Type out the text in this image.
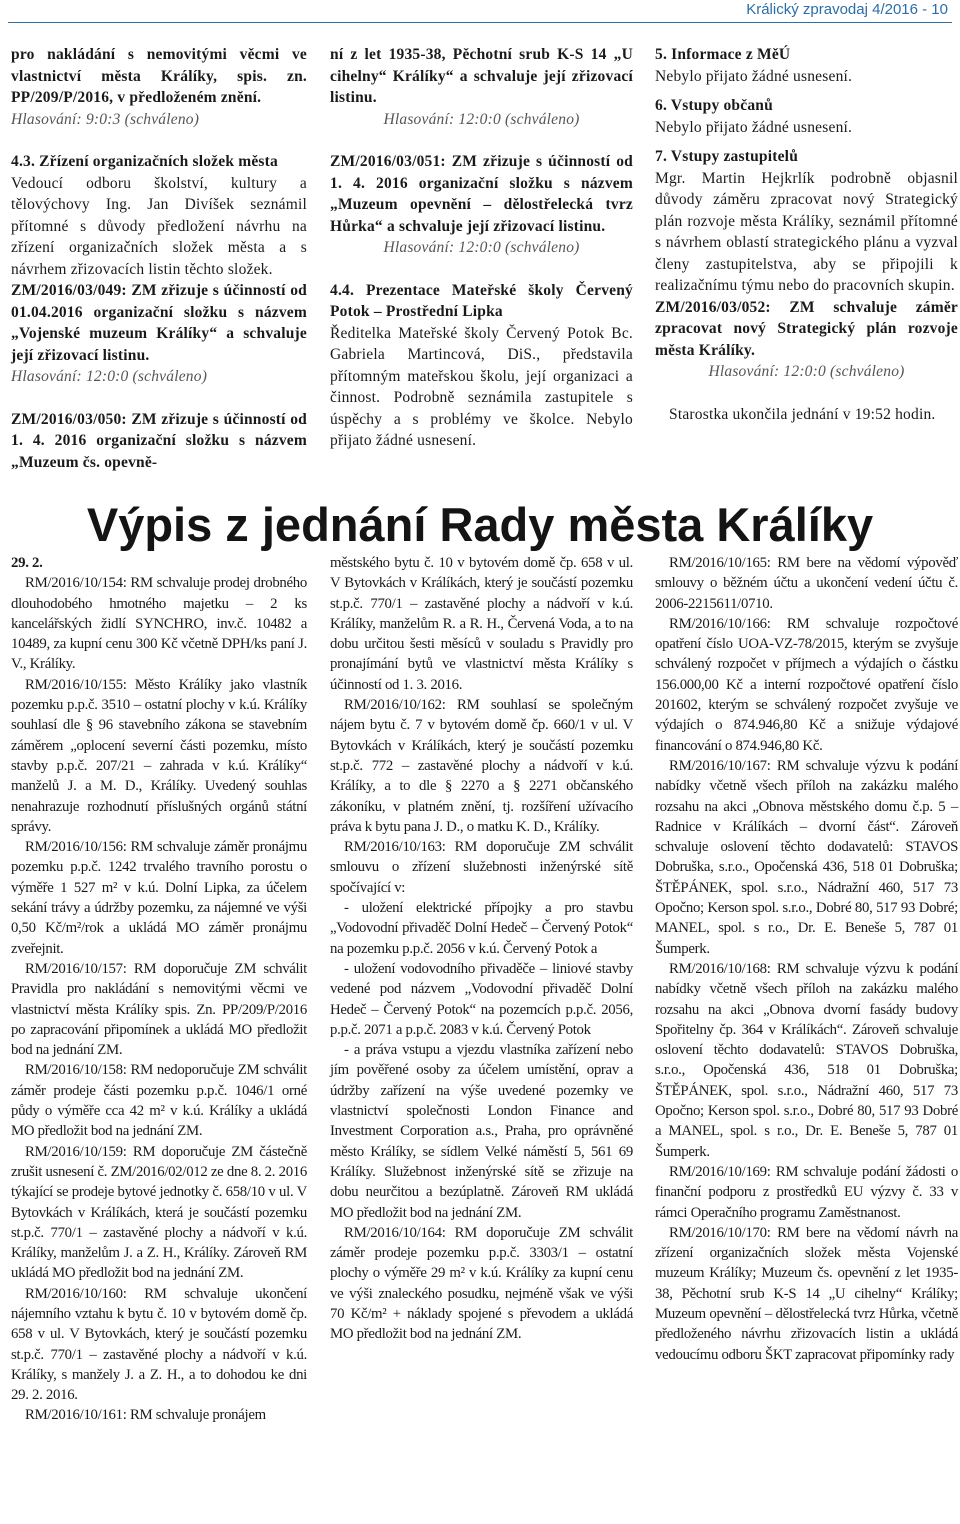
Králický zpravodaj 4/2016 - 10

pro nakládání s nemovitými věcmi ve vlastnictví města Králíky, spis. zn. PP/209/P/2016, v předloženém znění.

Hlasování: 9:0:3 (schváleno)

4.3. Zřízení organizačních složek města

Vedoucí odboru školství, kultury a tělovýchovy Ing. Jan Divíšek seznámil přítomné s důvody předložení návrhu na zřízení organizačních složek města a s návrhem zřizovacích listin těchto složek.

ZM/2016/03/049: ZM zřizuje s účinností od 01.04.2016 organizační složku s názvem „Vojenské muzeum Králíky“ a schvaluje její zřizovací listinu.

Hlasování: 12:0:0 (schváleno)

ZM/2016/03/050: ZM zřizuje s účinností od 1. 4. 2016 organizační složku s názvem „Muzeum čs. opevně-

ní z let 1935-38, Pěchotní srub K-S 14 „U cihelny“ Králíky“ a schvaluje její zřizovací listinu.

Hlasování: 12:0:0 (schváleno)

ZM/2016/03/051: ZM zřizuje s účinností od 1. 4. 2016 organizační složku s názvem „Muzeum opevnění – dělostřelecká tvrz Hůrka“ a schvaluje její zřizovací listinu.

Hlasování: 12:0:0 (schváleno)

4.4. Prezentace Mateřské školy Červený Potok – Prostřední Lipka

Ředitelka Mateřské školy Červený Potok Bc. Gabriela Martincová, DiS., představila přítomným mateřskou školu, její organizaci a činnost. Podrobně seznámila zastupitele s úspěchy a s problémy ve školce. Nebylo přijato žádné usnesení.

5. Informace z MěÚ

Nebylo přijato žádné usnesení.

6. Vstupy občanů

Nebylo přijato žádné usnesení.

7. Vstupy zastupitelů

Mgr. Martin Hejkrlík podrobně objasnil důvody záměru zpracovat nový Strategický plán rozvoje města Králíky, seznámil přítomné s návrhem oblastí strategického plánu a vyzval členy zastupitelstva, aby se připojili k realizačnímu týmu nebo do pracovních skupin.

ZM/2016/03/052: ZM schvaluje záměr zpracovat nový Strategický plán rozvoje města Králíky.

Hlasování: 12:0:0 (schváleno)

Starostka ukončila jednání v 19:52 hodin.

Výpis z jednání Rady města Králíky

29. 2.

RM/2016/10/154: RM schvaluje prodej drobného dlouhodobého hmotného majetku – 2 ks kancelářských židlí SYNCHRO, inv.č. 10482 a 10489, za kupní cenu 300 Kč včetně DPH/ks paní J. V., Králíky.

RM/2016/10/155: Město Králíky jako vlastník pozemku p.p.č. 3510 – ostatní plochy v k.ú. Králíky souhlasí dle § 96 stavebního zákona se stavebním záměrem „oplocení severní části pozemku, místo stavby p.p.č. 207/21 – zahrada v k.ú. Králíky“ manželů J. a M. D., Králíky. Uvedený souhlas nenahrazuje rozhodnutí příslušných orgánů státní správy.

RM/2016/10/156: RM schvaluje záměr pronájmu pozemku p.p.č. 1242 trvalého travního porostu o výměře 1 527 m² v k.ú. Dolní Lipka, za účelem sekání trávy a údržby pozemku, za nájemné ve výši 0,50 Kč/m²/rok a ukládá MO záměr pronájmu zveřejnit.

RM/2016/10/157: RM doporučuje ZM schválit Pravidla pro nakládání s nemovitými věcmi ve vlastnictví města Králíky spis. Zn. PP/209/P/2016 po zapracování připomínek a ukládá MO předložit bod na jednání ZM.

RM/2016/10/158: RM nedoporučuje ZM schválit záměr prodeje části pozemku p.p.č. 1046/1 orné půdy o výměře cca 42 m² v k.ú. Králíky a ukládá MO předložit bod na jednání ZM.

RM/2016/10/159: RM doporučuje ZM částečně zrušit usnesení č. ZM/2016/02/012 ze dne 8. 2. 2016 týkající se prodeje bytové jednotky č. 658/10 v ul. V Bytovkách v Králíkách, která je součástí pozemku st.p.č. 770/1 – zastavěné plochy a nádvoří v k.ú. Králíky, manželům J. a Z. H., Králíky. Zároveň RM ukládá MO předložit bod na jednání ZM.

RM/2016/10/160: RM schvaluje ukončení nájemního vztahu k bytu č. 10 v bytovém domě čp. 658 v ul. V Bytovkách, který je součástí pozemku st.p.č. 770/1 – zastavěné plochy a nádvoří v k.ú. Králíky, s manžely J. a Z. H., a to dohodou ke dni 29. 2. 2016.

RM/2016/10/161: RM schvaluje pronájem

městského bytu č. 10 v bytovém domě čp. 658 v ul. V Bytovkách v Králíkách, který je součástí pozemku st.p.č. 770/1 – zastavěné plochy a nádvoří v k.ú. Králíky, manželům R. a R. H., Červená Voda, a to na dobu určitou šesti měsíců v souladu s Pravidly pro pronajímání bytů ve vlastnictví města Králíky s účinností od 1. 3. 2016.

RM/2016/10/162: RM souhlasí se společným nájem bytu č. 7 v bytovém domě čp. 660/1 v ul. V Bytovkách v Králíkách, který je součástí pozemku st.p.č. 772 – zastavěné plochy a nádvoří v k.ú. Králíky, a to dle § 2270 a § 2271 občanského zákoníku, v platném znění, tj. rozšíření užívacího práva k bytu pana J. D., o matku K. D., Králíky.

RM/2016/10/163: RM doporučuje ZM schválit smlouvu o zřízení služebnosti inženýrské sítě spočívající v:

- uložení elektrické přípojky a pro stavbu „Vodovodní přivaděč Dolní Hedeč – Červený Potok“ na pozemku p.p.č. 2056 v k.ú. Červený Potok a

- uložení vodovodního přivaděče – liniové stavby vedené pod názvem „Vodovodní přivaděč Dolní Hedeč – Červený Potok“ na pozemcích p.p.č. 2056, p.p.č. 2071 a p.p.č. 2083 v k.ú. Červený Potok

- a práva vstupu a vjezdu vlastníka zařízení nebo jím pověřené osoby za účelem umístění, oprav a údržby zařízení na výše uvedené pozemky ve vlastnictví společnosti London Finance and Investment Corporation a.s., Praha, pro oprávněné město Králíky, se sídlem Velké náměstí 5, 561 69 Králíky. Služebnost inženýrské sítě se zřizuje na dobu neurčitou a bezúplatně. Zároveň RM ukládá MO předložit bod na jednání ZM.

RM/2016/10/164: RM doporučuje ZM schválit záměr prodeje pozemku p.p.č. 3303/1 – ostatní plochy o výměře 29 m² v k.ú. Králíky za kupní cenu ve výši znaleckého posudku, nejméně však ve výši 70 Kč/m² + náklady spojené s převodem a ukládá MO předložit bod na jednání ZM.

RM/2016/10/165: RM bere na vědomí výpověď smlouvy o běžném účtu a ukončení vedení účtu č. 2006-2215611/0710.

RM/2016/10/166: RM schvaluje rozpočtové opatření číslo UOA-VZ-78/2015, kterým se zvyšuje schválený rozpočet v příjmech a výdajích o částku 156.000,00 Kč a interní rozpočtové opatření číslo 201602, kterým se schválený rozpočet zvyšuje ve výdajích o 874.946,80 Kč a snižuje výdajové financování o 874.946,80 Kč.

RM/2016/10/167: RM schvaluje výzvu k podání nabídky včetně všech příloh na zakázku malého rozsahu na akci „Obnova městského domu č.p. 5 – Radnice v Králíkách – dvorní část“. Zároveň schvaluje oslovení těchto dodavatelů: STAVOS Dobruška, s.r.o., Opočenská 436, 518 01 Dobruška; ŠTĚPÁNEK, spol. s.r.o., Nádražní 460, 517 73 Opočno; Kerson spol. s.r.o., Dobré 80, 517 93 Dobré; MANEL, spol. s r.o., Dr. E. Beneše 5, 787 01 Šumperk.

RM/2016/10/168: RM schvaluje výzvu k podání nabídky včetně všech příloh na zakázku malého rozsahu na akci „Obnova dvorní fasády budovy Spořitelny čp. 364 v Králíkách“. Zároveň schvaluje oslovení těchto dodavatelů: STAVOS Dobruška, s.r.o., Opočenská 436, 518 01 Dobruška; ŠTĚPÁNEK, spol. s.r.o., Nádražní 460, 517 73 Opočno; Kerson spol. s.r.o., Dobré 80, 517 93 Dobré a MANEL, spol. s r.o., Dr. E. Beneše 5, 787 01 Šumperk.

RM/2016/10/169: RM schvaluje podání žádosti o finanční podporu z prostředků EU výzvy č. 33 v rámci Operačního programu Zaměstnanost.

RM/2016/10/170: RM bere na vědomí návrh na zřízení organizačních složek města Vojenské muzeum Králíky; Muzeum čs. opevnění z let 1935-38, Pěchotní srub K-S 14 „U cihelny“ Králíky; Muzeum opevnění – dělostřelecká tvrz Hůrka, včetně předloženého návrhu zřizovacích listin a ukládá vedoucímu odboru ŠKT zapracovat připomínky rady
